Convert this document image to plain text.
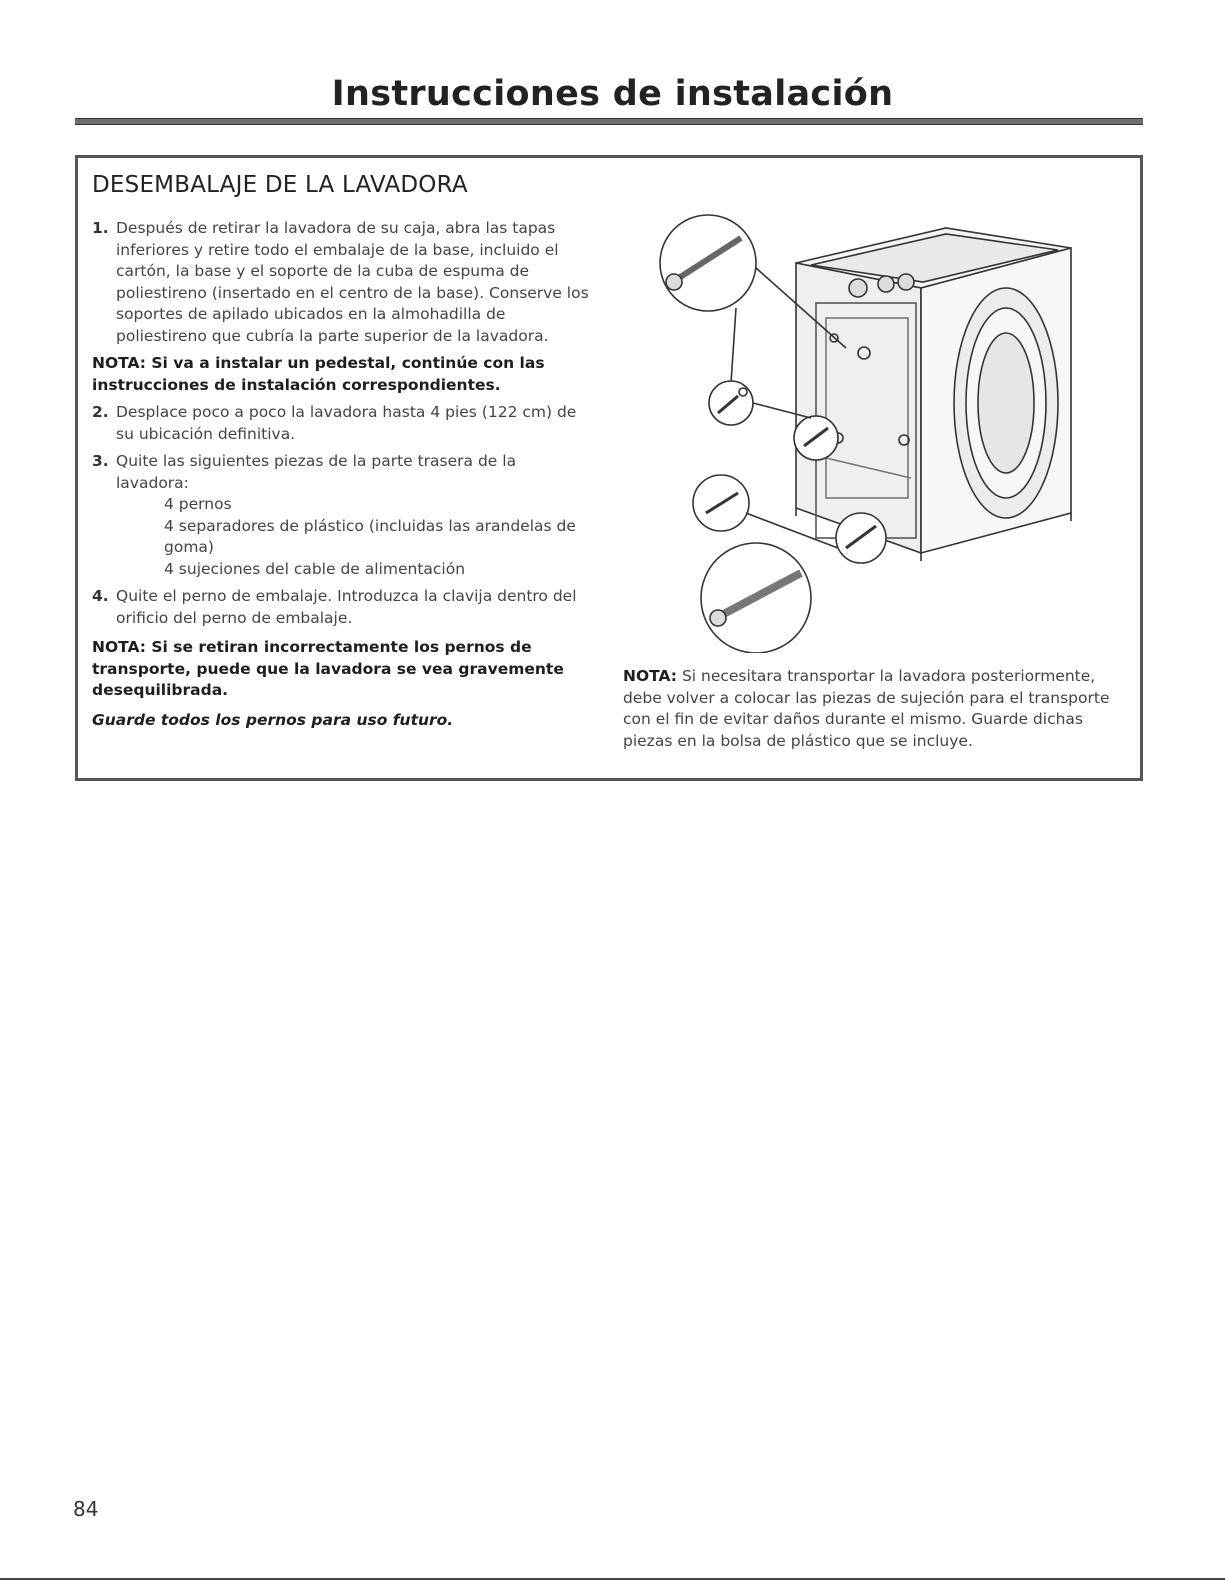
Instrucciones de instalación
DESEMBALAJE DE LA LAVADORA
1. Después de retirar la lavadora de su caja, abra las tapas inferiores y retire todo el embalaje de la base, incluido el cartón, la base y el soporte de la cuba de espuma de poliestireno (insertado en el centro de la base). Conserve los soportes de apilado ubicados en la almohadilla de poliestireno que cubría la parte superior de la lavadora.
NOTA: Si va a instalar un pedestal, continúe con las instrucciones de instalación correspondientes.
2. Desplace poco a poco la lavadora hasta 4 pies (122 cm) de su ubicación definitiva.
3. Quite las siguientes piezas de la parte trasera de la lavadora:
4 pernos
4 separadores de plástico (incluidas las arandelas de goma)
4 sujeciones del cable de alimentación
4. Quite el perno de embalaje. Introduzca la clavija dentro del orificio del perno de embalaje.
NOTA: Si se retiran incorrectamente los pernos de transporte, puede que la lavadora se vea gravemente desequilibrada.
Guarde todos los pernos para uso futuro.
NOTA: Si necesitara transportar la lavadora posteriormente, debe volver a colocar las piezas de sujeción para el transporte con el fin de evitar daños durante el mismo. Guarde dichas piezas en la bolsa de plástico que se incluye.
84
